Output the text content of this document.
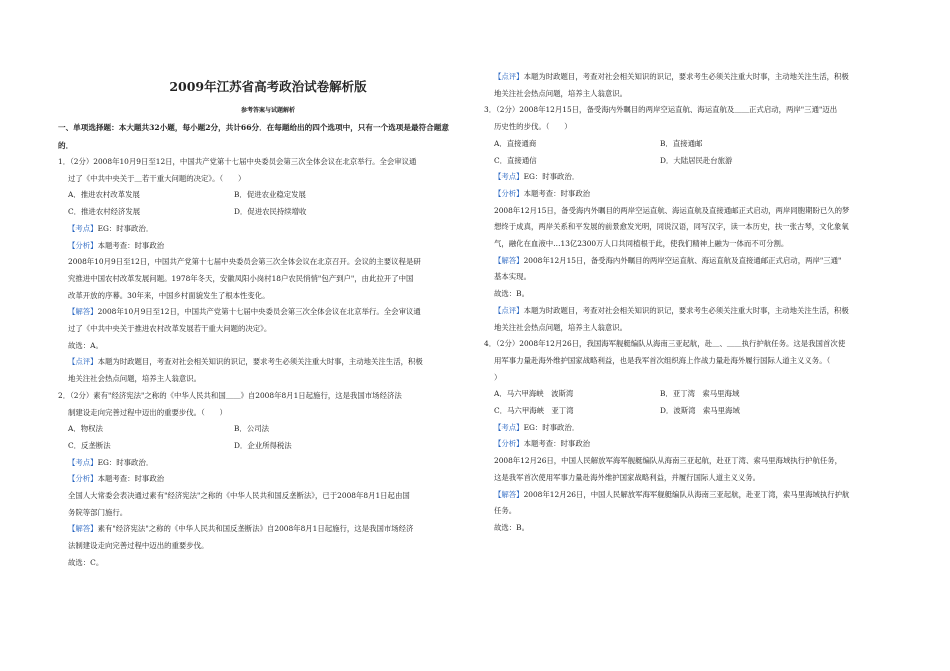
2009年江苏省高考政治试卷解析版
参考答案与试题解析
一、单项选择题：本大题共32小题，每小题2分，共计66分．在每题给出的四个选项中，只有一个选项是最符合题意的．

1．（2分）2008年10月9日至12日，中国共产党第十七届中央委员会第三次全体会议在北京举行。全会审议通

过了《中共中央关于＿若干重大问题的决定》。（　　）

A．推进农村改革发展	B．促进农业稳定发展
C．推进农村经济发展	D．促进农民持续增收

【考点】EG：时事政治．

【分析】本题考查：时事政治

2008年10月9日至12日，中国共产党第十七届中央委员会第三次全体会议在北京召开。会议的主要议程是研

究推进中国农村改革发展问题。1978年冬天，安徽凤阳小岗村18户农民悄悄"包产到户"，由此拉开了中国

改革开放的序幕。30年来，中国乡村面貌发生了根本性变化。

【解答】2008年10月9日至12日，中国共产党第十七届中央委员会第三次全体会议在北京举行。全会审议通

过了《中共中央关于推进农村改革发展若干重大问题的决定》。

故选：A。

【点评】本题为时政题目，考查对社会相关知识的识记，要求考生必须关注重大时事，主动地关注生活，积极

地关注社会热点问题，培养主人翁意识。

2．（2分）素有"经济宪法"之称的《中华人民共和国＿＿》自2008年8月1日起施行，这是我国市场经济法

制建设走向完善过程中迈出的重要步伐。（　　）

A．物权法	B．公司法
C．反垄断法	D．企业所得税法

【考点】EG：时事政治．

【分析】本题考查：时事政治

全国人大常委会表决通过素有"经济宪法"之称的《中华人民共和国反垄断法》，已于2008年8月1日起由国

务院等部门施行。

【解答】素有"经济宪法"之称的《中华人民共和国反垄断法》自2008年8月1日起施行，这是我国市场经济

法制建设走向完善过程中迈出的重要步伐。

故选：C。

【点评】本题为时政题目，考查对社会相关知识的识记，要求考生必须关注重大时事，主动地关注生活，积极

地关注社会热点问题，培养主人翁意识。

3．（2分）2008年12月15日，备受海内外瞩目的两岸空运直航、海运直航及＿＿正式启动，两岸"三通"迈出

历史性的步伐。（　　）

A．直接通商	B．直接通邮
C．直接通信	D．大陆居民赴台旅游

【考点】EG：时事政治．

【分析】本题考查：时事政治

2008年12月15日，备受海内外瞩目的两岸空运直航、海运直航及直接通邮正式启动，两岸同胞期盼已久的梦

想终于成真，两岸关系和平发展的前景愈发光明，同说汉语，同写汉字，读一本历史，扶一张古琴，文化象氧

气，融化在血液中…13亿2300万人口共同植根于此，使我们精神上融为一体而不可分割。

【解答】2008年12月15日，备受海内外瞩目的两岸空运直航、海运直航及直接通邮正式启动，两岸"三通"

基本实现。

故选：B。

【点评】本题为时政题目，考查对社会相关知识的识记，要求考生必须关注重大时事，主动地关注生活，积极

地关注社会热点问题，培养主人翁意识。

4．（2分）2008年12月26日，我国海军舰艇编队从海南三亚起航，赴＿、＿＿执行护航任务。这是我国首次使

用军事力量赴海外维护国家战略利益，也是我军首次组织海上作战力量赴海外履行国际人道主义义务。（

）

A．马六甲海峡　波斯湾	B．亚丁湾　索马里海域
C．马六甲海峡　亚丁湾	D．波斯湾　索马里海域

【考点】EG：时事政治．

【分析】本题考查：时事政治

2008年12月26日，中国人民解放军海军舰艇编队从海南三亚起航，赴亚丁湾、索马里海域执行护航任务，

这是我军首次使用军事力量赴海外维护国家战略利益，并履行国际人道主义义务。

【解答】2008年12月26日，中国人民解放军海军舰艇编队从海南三亚起航，赴亚丁湾，索马里海域执行护航

任务。

故选：B。
